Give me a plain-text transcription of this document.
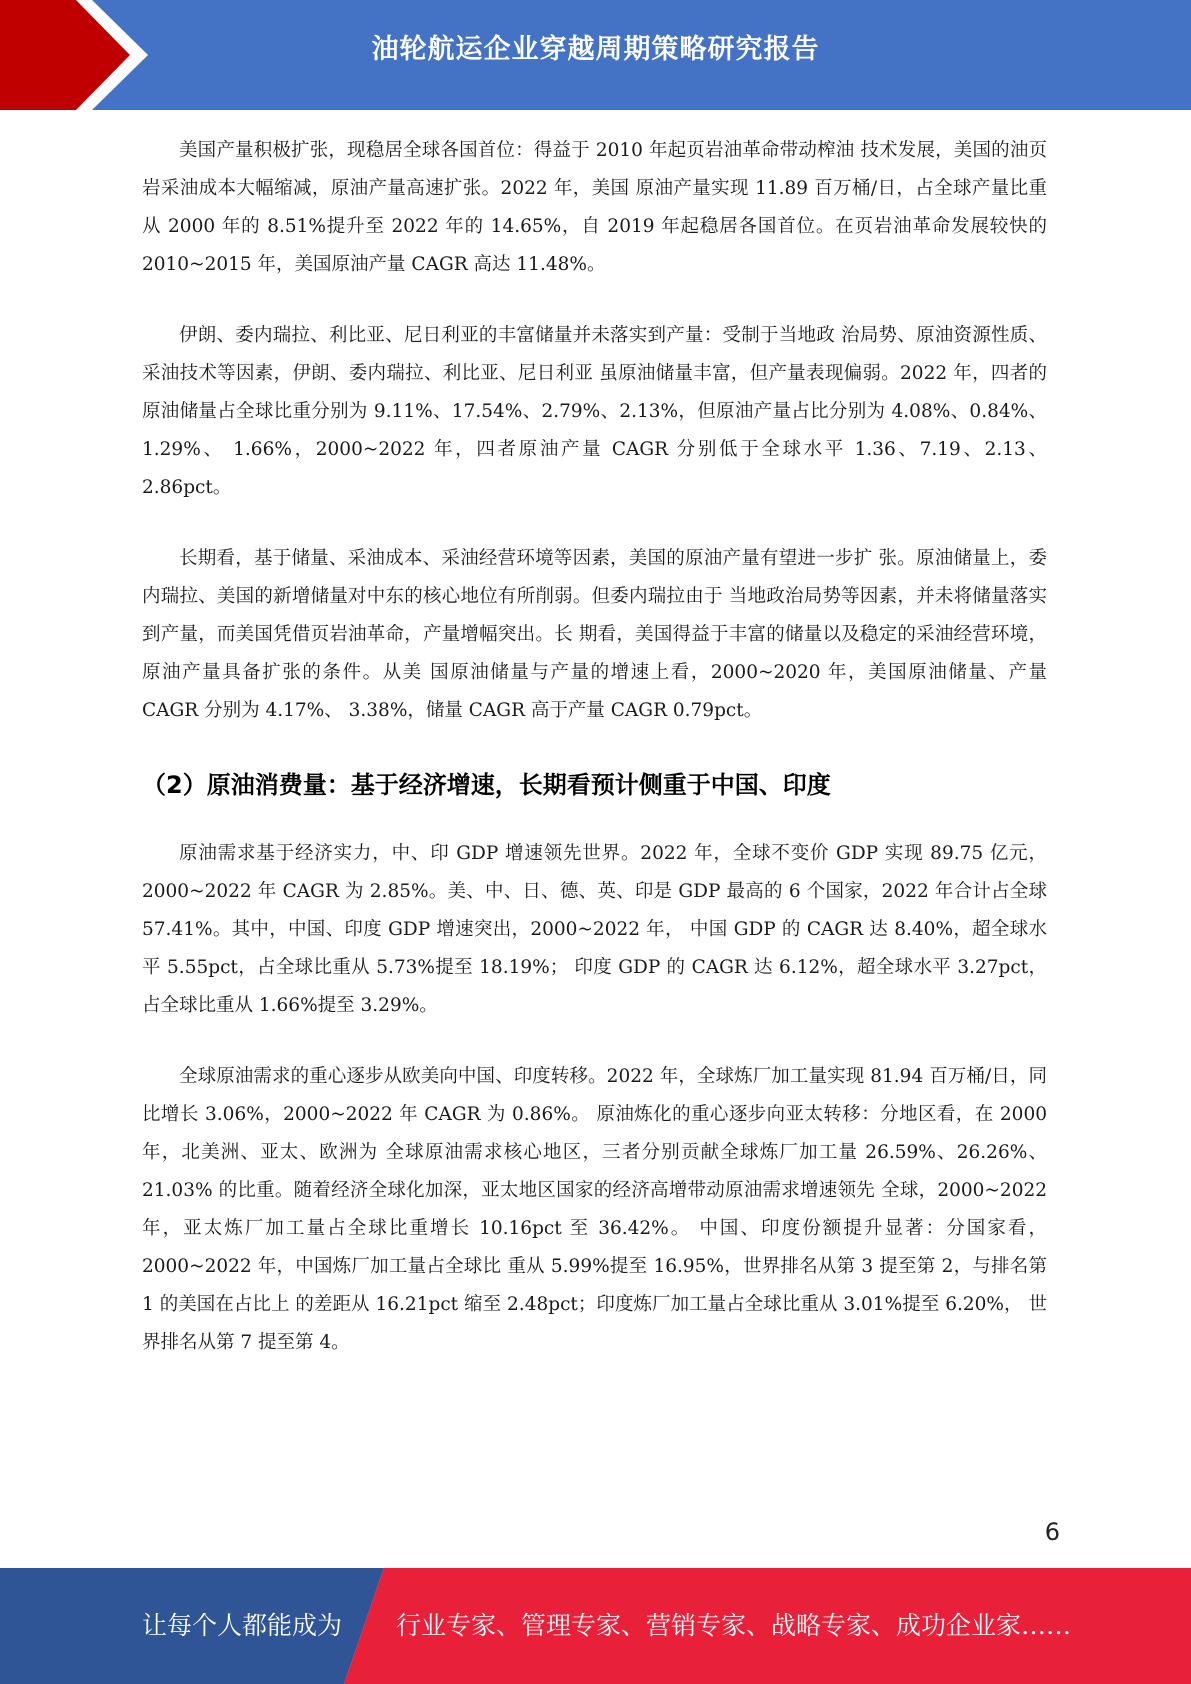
油轮航运企业穿越周期策略研究报告

美国产量积极扩张，现稳居全球各国首位：得益于 2010 年起页岩油革命带动榨油 技术发展，美国的油页岩采油成本大幅缩减，原油产量高速扩张。2022 年，美国 原油产量实现 11.89 百万桶/日，占全球产量比重从 2000 年的 8.51%提升至 2022 年的 14.65%，自 2019 年起稳居各国首位。在页岩油革命发展较快的 2010~2015 年，美国原油产量 CAGR 高达 11.48%。

伊朗、委内瑞拉、利比亚、尼日利亚的丰富储量并未落实到产量：受制于当地政 治局势、原油资源性质、采油技术等因素，伊朗、委内瑞拉、利比亚、尼日利亚 虽原油储量丰富，但产量表现偏弱。2022 年，四者的原油储量占全球比重分别为 9.11%、17.54%、2.79%、2.13%，但原油产量占比分别为 4.08%、0.84%、1.29%、 1.66%，2000~2022 年，四者原油产量 CAGR 分别低于全球水平 1.36、7.19、2.13、 2.86pct。

长期看，基于储量、采油成本、采油经营环境等因素，美国的原油产量有望进一步扩 张。原油储量上，委内瑞拉、美国的新增储量对中东的核心地位有所削弱。但委内瑞拉由于 当地政治局势等因素，并未将储量落实到产量，而美国凭借页岩油革命，产量增幅突出。长 期看，美国得益于丰富的储量以及稳定的采油经营环境，原油产量具备扩张的条件。从美 国原油储量与产量的增速上看，2000~2020 年，美国原油储量、产量 CAGR 分别为 4.17%、 3.38%，储量 CAGR 高于产量 CAGR 0.79pct。

（2）原油消费量：基于经济增速，长期看预计侧重于中国、印度

原油需求基于经济实力，中、印 GDP 增速领先世界。2022 年，全球不变价 GDP 实现 89.75 亿元，2000~2022 年 CAGR 为 2.85%。美、中、日、德、英、印是 GDP 最高的 6 个国家，2022 年合计占全球 57.41%。其中，中国、印度 GDP 增速突出，2000~2022 年， 中国 GDP 的 CAGR 达 8.40%，超全球水平 5.55pct，占全球比重从 5.73%提至 18.19%； 印度 GDP 的 CAGR 达 6.12%，超全球水平 3.27pct，占全球比重从 1.66%提至 3.29%。

全球原油需求的重心逐步从欧美向中国、印度转移。2022 年，全球炼厂加工量实现 81.94 百万桶/日，同比增长 3.06%，2000~2022 年 CAGR 为 0.86%。 原油炼化的重心逐步向亚太转移：分地区看，在 2000 年，北美洲、亚太、欧洲为 全球原油需求核心地区，三者分别贡献全球炼厂加工量 26.59%、26.26%、21.03% 的比重。随着经济全球化加深，亚太地区国家的经济高增带动原油需求增速领先 全球，2000~2022 年，亚太炼厂加工量占全球比重增长 10.16pct 至 36.42%。 中国、印度份额提升显著：分国家看，2000~2022 年，中国炼厂加工量占全球比 重从 5.99%提至 16.95%，世界排名从第 3 提至第 2，与排名第 1 的美国在占比上 的差距从 16.21pct 缩至 2.48pct；印度炼厂加工量占全球比重从 3.01%提至 6.20%， 世界排名从第 7 提至第 4。

6
让每个人都能成为 行业专家、管理专家、营销专家、战略专家、成功企业家……
